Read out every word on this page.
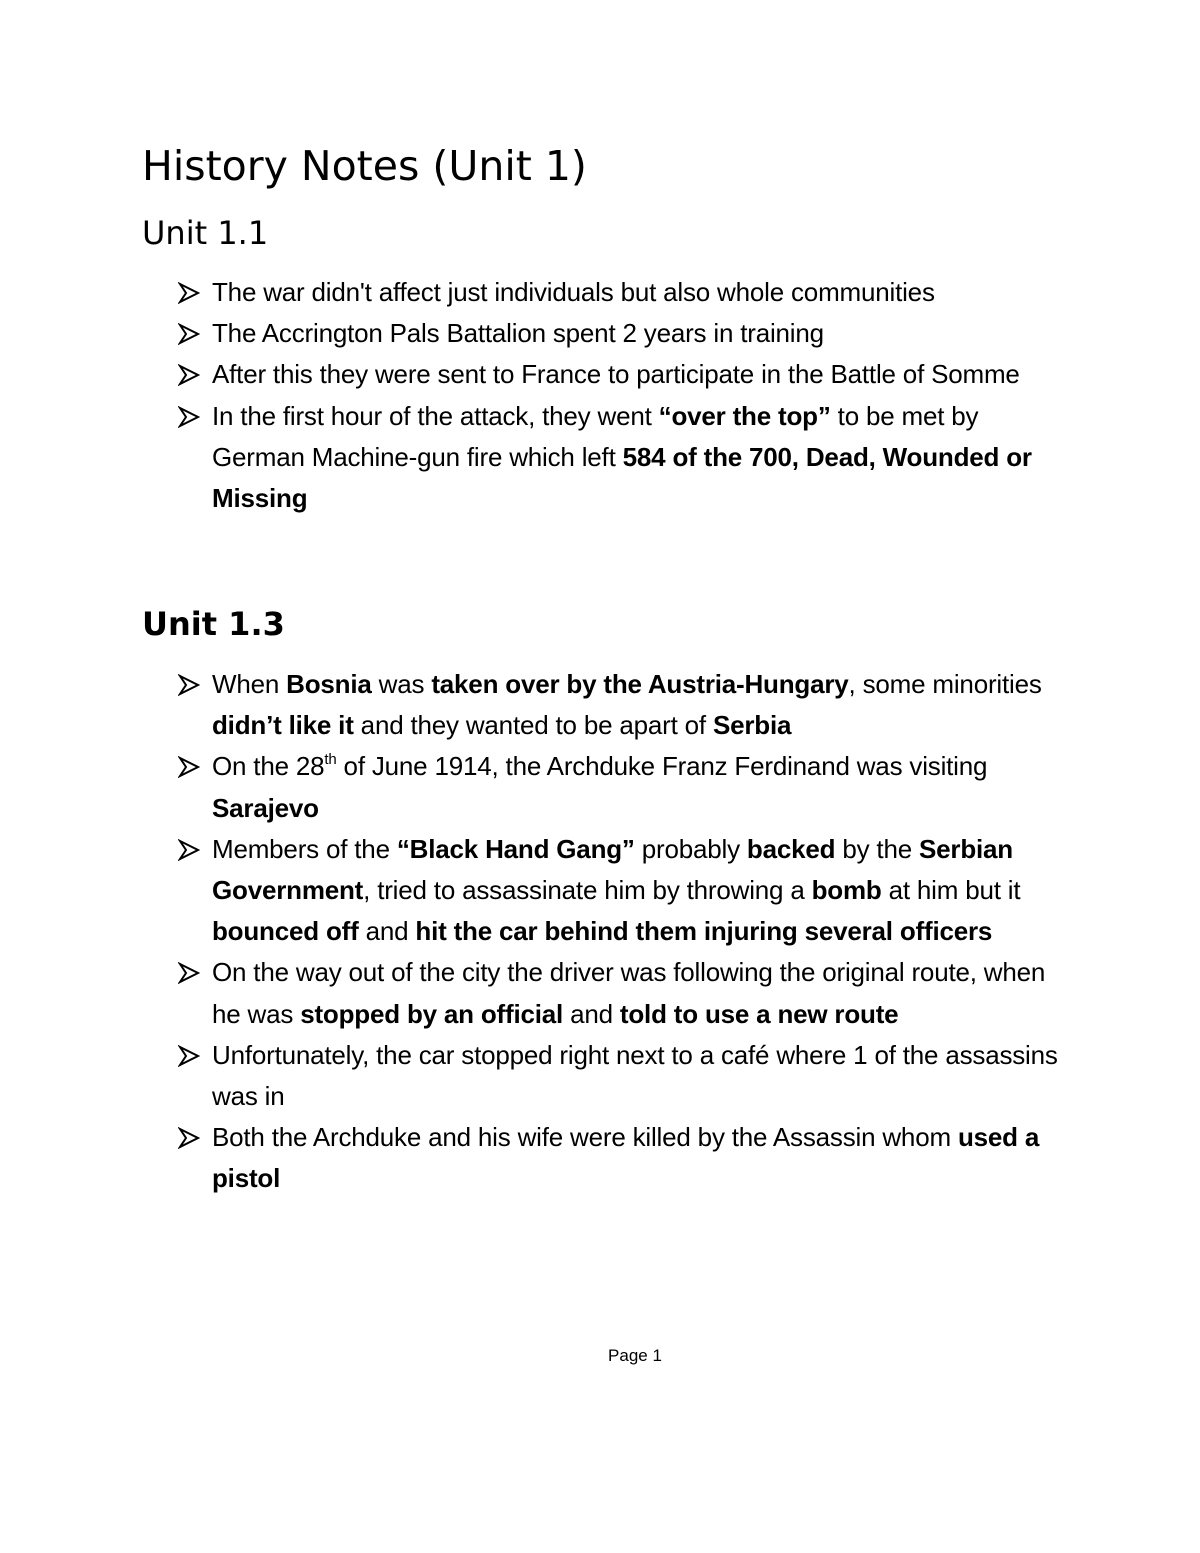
History Notes (Unit 1)
Unit 1.1
The war didn't affect just individuals but also whole communities
The Accrington Pals Battalion spent 2 years in training
After this they were sent to France to participate in the Battle of Somme
In the first hour of the attack, they went “over the top” to be met by German Machine-gun fire which left 584 of the 700, Dead, Wounded or Missing
Unit 1.3
When Bosnia was taken over by the Austria-Hungary, some minorities didn’t like it and they wanted to be apart of Serbia
On the 28th of June 1914, the Archduke Franz Ferdinand was visiting Sarajevo
Members of the “Black Hand Gang” probably backed by the Serbian Government, tried to assassinate him by throwing a bomb at him but it bounced off and hit the car behind them injuring several officers
On the way out of the city the driver was following the original route, when he was stopped by an official and told to use a new route
Unfortunately, the car stopped right next to a café where 1 of the assassins was in
Both the Archduke and his wife were killed by the Assassin whom used a pistol
Page 1
